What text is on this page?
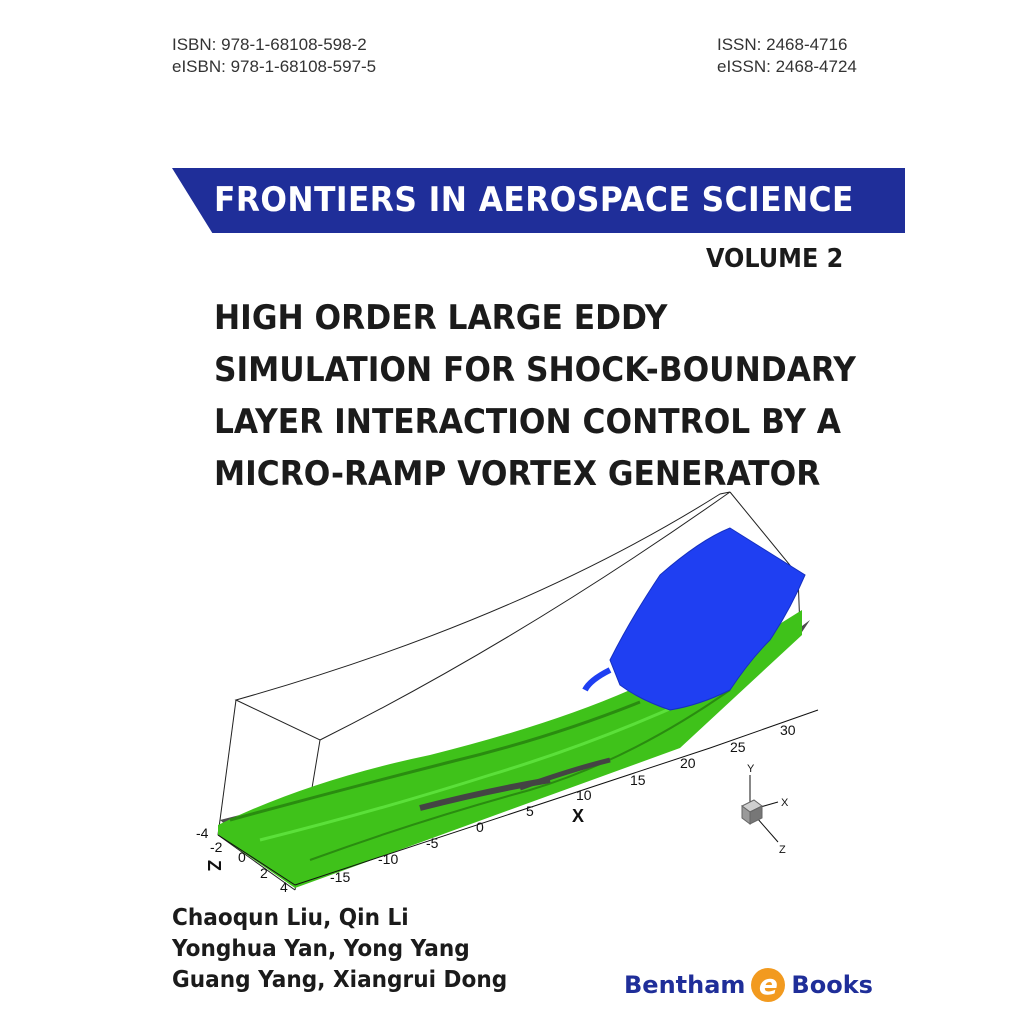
ISBN: 978-1-68108-598-2
eISBN: 978-1-68108-597-5
ISSN: 2468-4716
eISSN: 2468-4724
FRONTIERS IN AEROSPACE SCIENCE
VOLUME 2
HIGH ORDER LARGE EDDY
SIMULATION FOR SHOCK-BOUNDARY
LAYER INTERACTION CONTROL BY A
MICRO-RAMP VORTEX GENERATOR
-15
-10
-5
0
5
10
15
20
25
30
X
-4
-2
0
2
4
Z
Y
X
Z
Chaoqun Liu, Qin Li
Yonghua Yan, Yong Yang
Guang Yang, Xiangrui Dong	Bentham e Books
